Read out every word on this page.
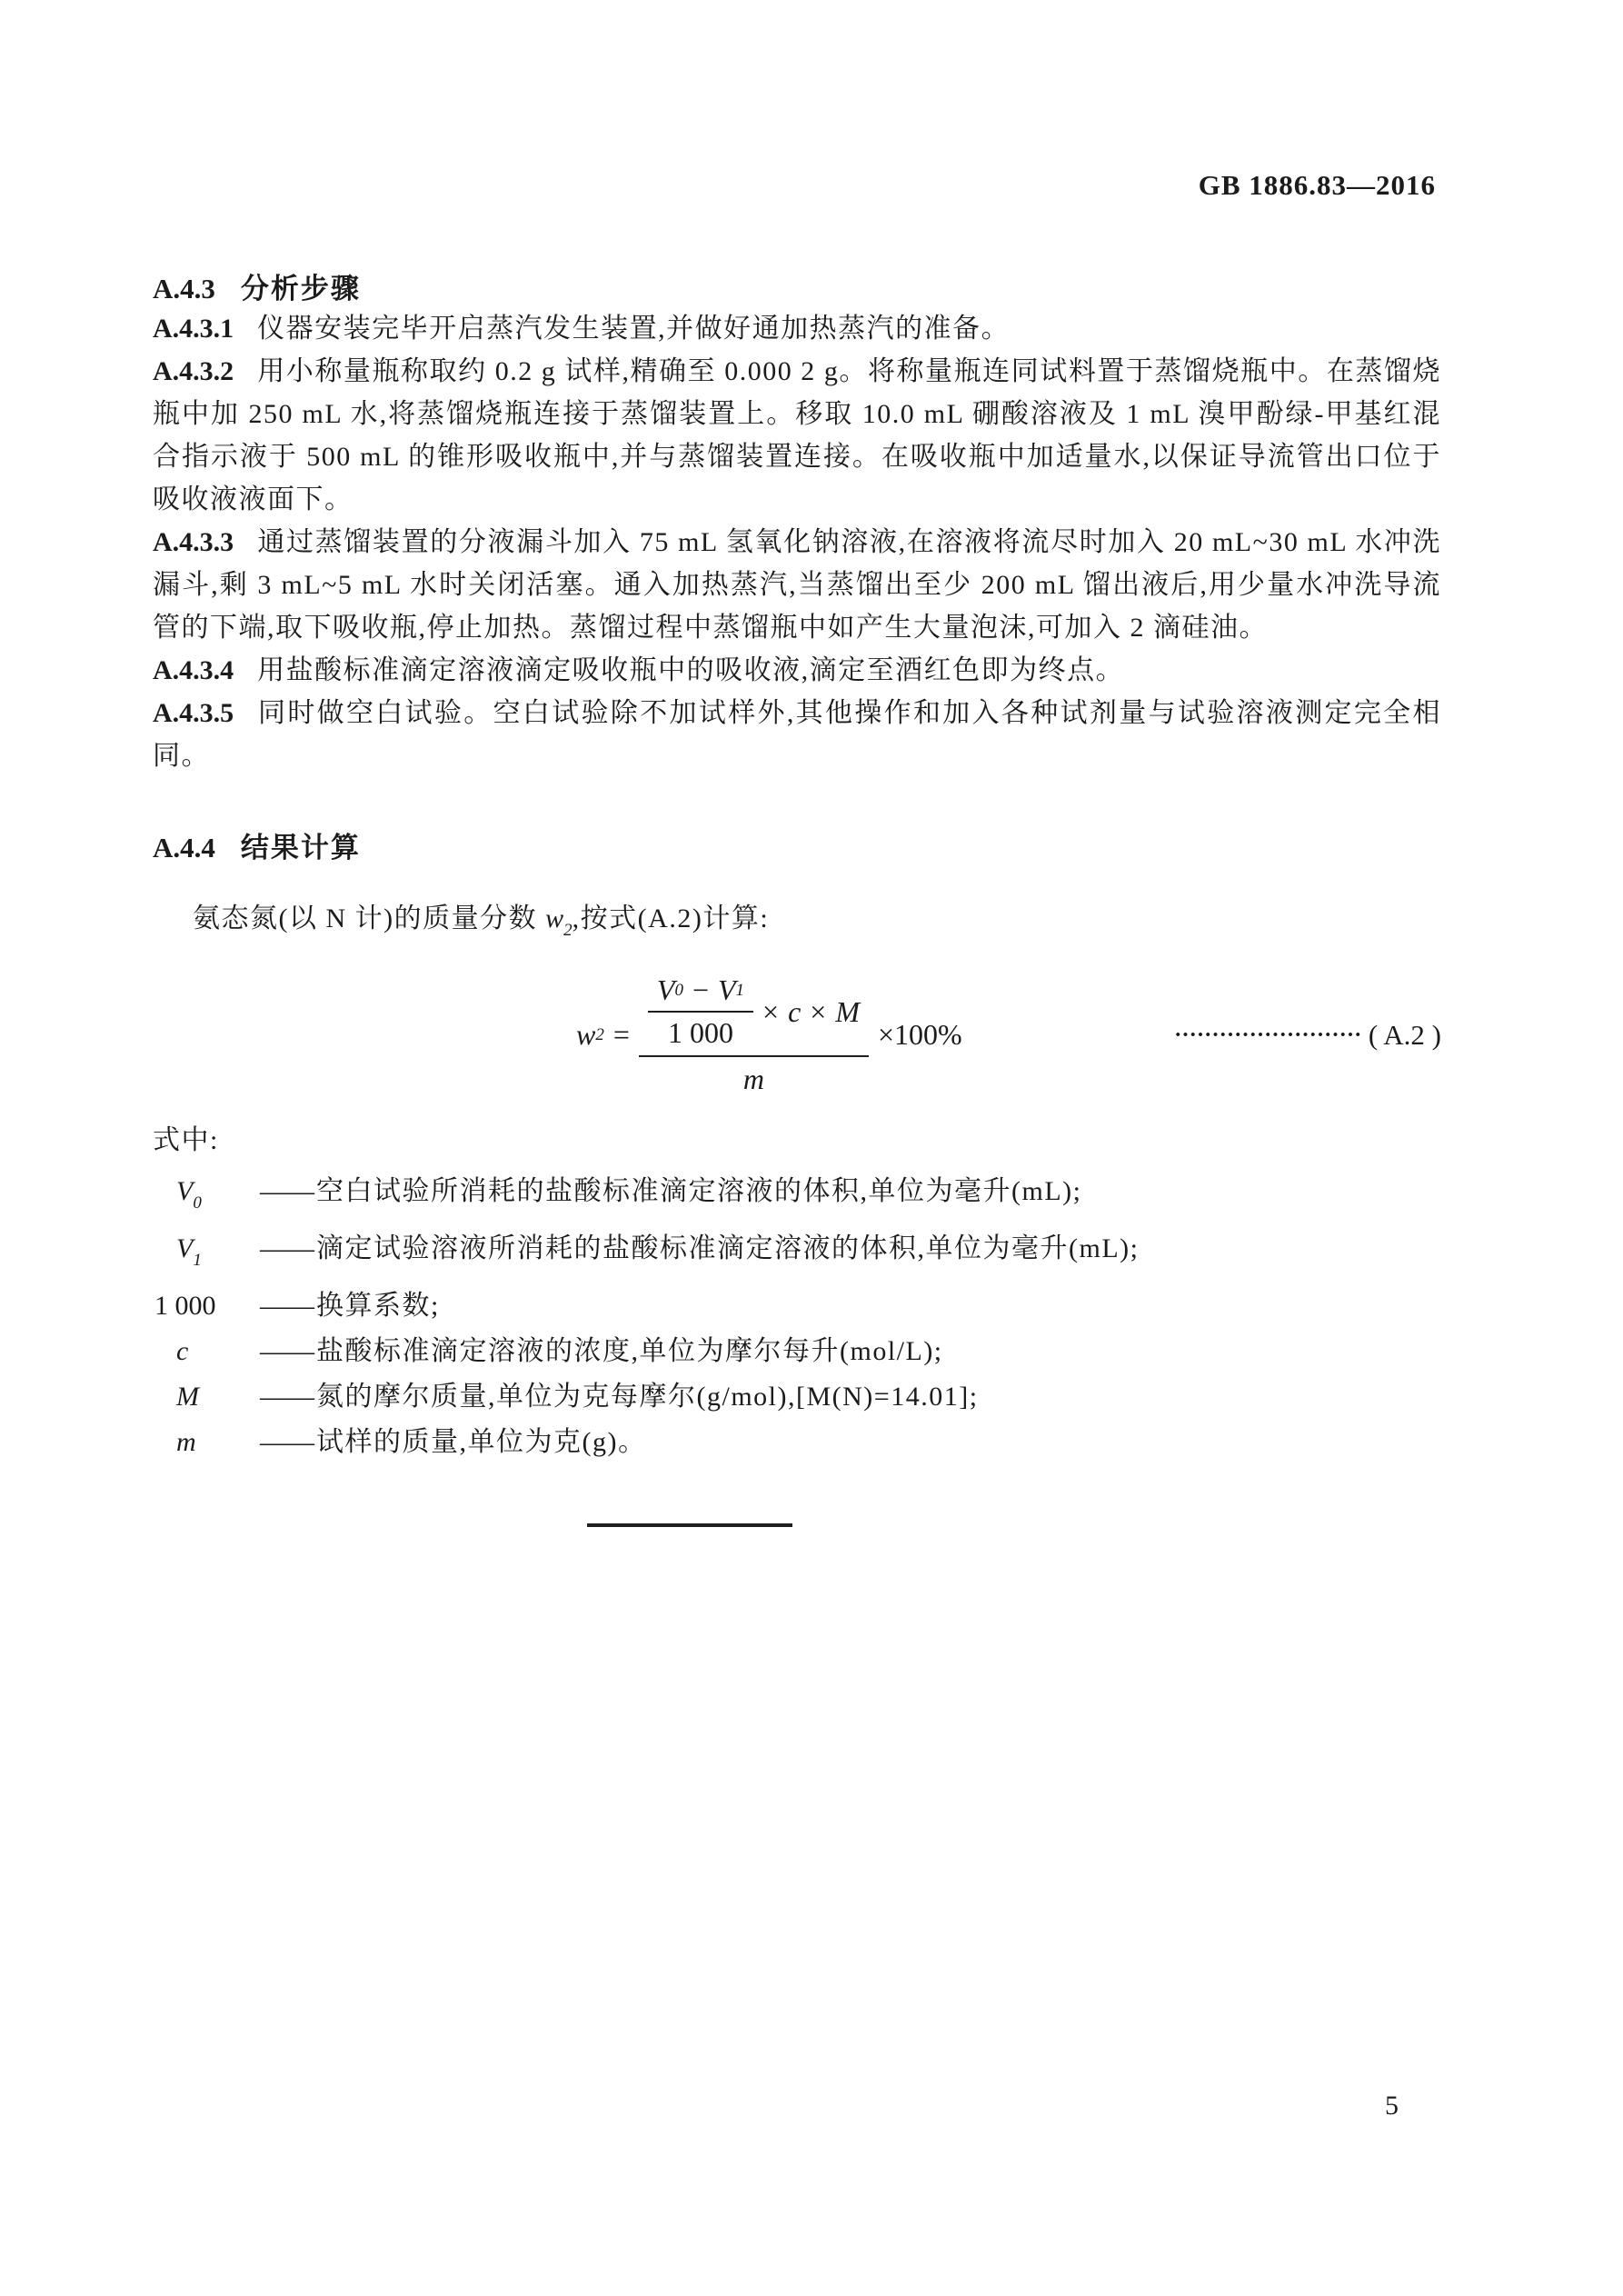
GB 1886.83—2016
A.4.3 分析步骤

A.4.3.1 仪器安装完毕开启蒸汽发生装置,并做好通加热蒸汽的准备。

A.4.3.2 用小称量瓶称取约 0.2 g 试样,精确至 0.000 2 g。将称量瓶连同试料置于蒸馏烧瓶中。在蒸馏烧瓶中加 250 mL 水,将蒸馏烧瓶连接于蒸馏装置上。移取 10.0 mL 硼酸溶液及 1 mL 溴甲酚绿-甲基红混合指示液于 500 mL 的锥形吸收瓶中,并与蒸馏装置连接。在吸收瓶中加适量水,以保证导流管出口位于吸收液液面下。

A.4.3.3 通过蒸馏装置的分液漏斗加入 75 mL 氢氧化钠溶液,在溶液将流尽时加入 20 mL~30 mL 水冲洗漏斗,剩 3 mL~5 mL 水时关闭活塞。通入加热蒸汽,当蒸馏出至少 200 mL 馏出液后,用少量水冲洗导流管的下端,取下吸收瓶,停止加热。蒸馏过程中蒸馏瓶中如产生大量泡沫,可加入 2 滴硅油。

A.4.3.4 用盐酸标准滴定溶液滴定吸收瓶中的吸收液,滴定至酒红色即为终点。

A.4.3.5 同时做空白试验。空白试验除不加试样外,其他操作和加入各种试剂量与试验溶液测定完全相同。

A.4.4 结果计算
氨态氮(以 N 计)的质量分数 $w_2$,按式(A.2)计算:
w $2 = \frac{V 0 - V 1}{1 000} \times c \times M$
m
×100%	••••••••••••••••••••••••• ( A.2 )
式中:
$V_0$	—— 空白试验所消耗的盐酸标准滴定溶液的体积,单位为毫升(mL);
$V_1$	—— 滴定试验溶液所消耗的盐酸标准滴定溶液的体积,单位为毫升(mL);
1 000	—— 换算系数;
c	—— 盐酸标准滴定溶液的浓度,单位为摩尔每升(mol/L);
M	—— 氮的摩尔质量,单位为克每摩尔(g/mol),[M(N)=14.01];
m	—— 试样的质量,单位为克(g)。
5
